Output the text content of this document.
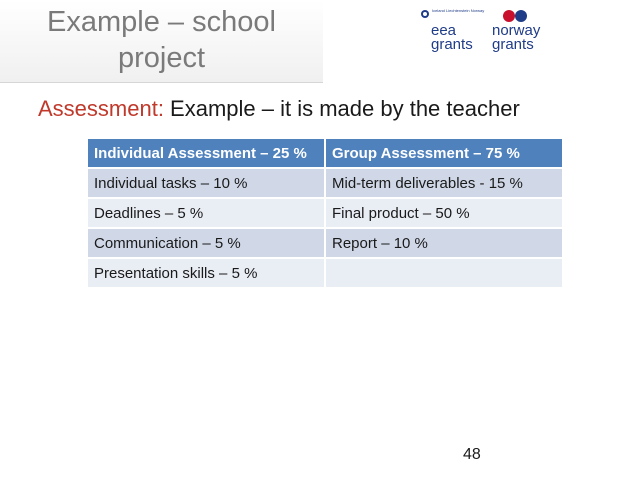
Example – school
project
Iceland Liechtenstein Norway
eea
grants
norway
grants
Assessment: Example – it is made by the teacher
Individual Assessment – 25 %	Group Assessment – 75 %
Individual tasks – 10 %	Mid-term deliverables - 15 %
Deadlines – 5 %	Final product – 50 %
Communication – 5 %	Report – 10 %
Presentation skills – 5 %	
48
